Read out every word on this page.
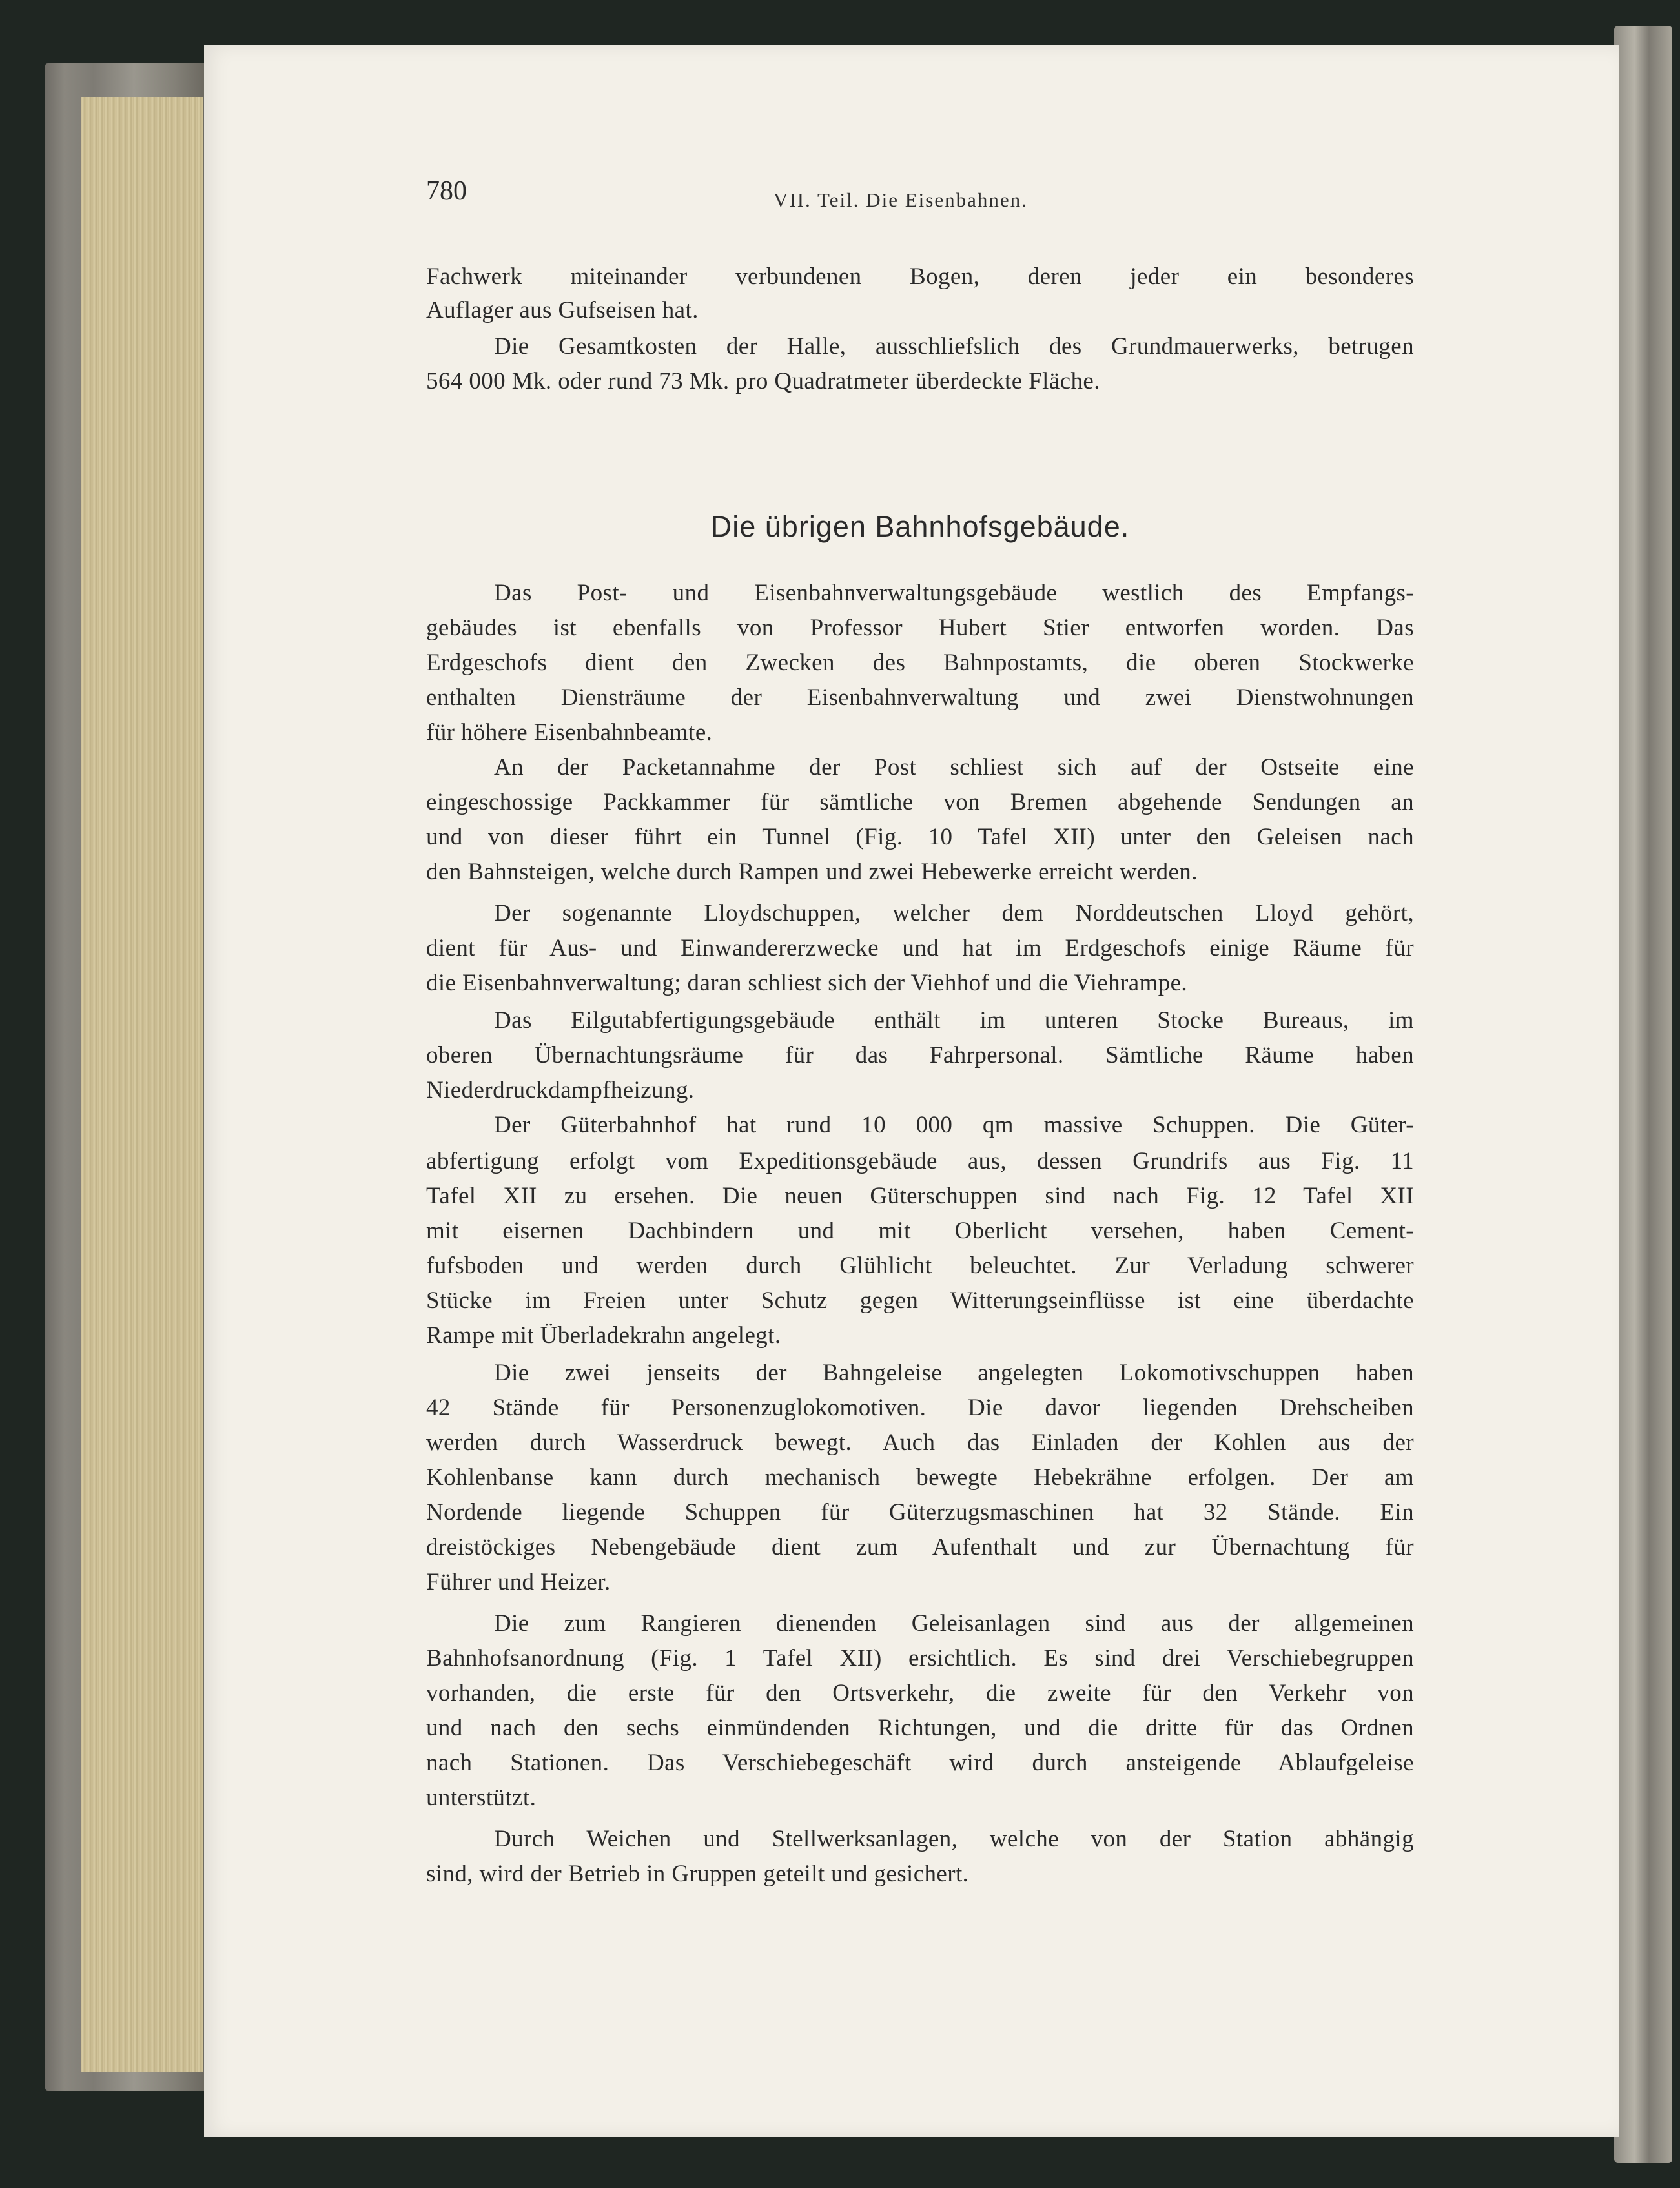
780	VII. Teil. Die Eisenbahnen.
Fachwerk miteinander verbundenen Bogen, deren jeder ein besonderes
Auflager aus Gufseisen hat.
Die Gesamtkosten der Halle, ausschliefslich des Grundmauerwerks, betrugen
564 000 Mk. oder rund 73 Mk. pro Quadratmeter überdeckte Fläche.
Die übrigen Bahnhofsgebäude.
Das Post- und Eisenbahnverwaltungsgebäude westlich des Empfangs-
gebäudes ist ebenfalls von Professor Hubert Stier entworfen worden. Das
Erdgeschofs dient den Zwecken des Bahnpostamts, die oberen Stockwerke
enthalten Diensträume der Eisenbahnverwaltung und zwei Dienstwohnungen
für höhere Eisenbahnbeamte.
An der Packetannahme der Post schliest sich auf der Ostseite eine
eingeschossige Packkammer für sämtliche von Bremen abgehende Sendungen an
und von dieser führt ein Tunnel (Fig. 10 Tafel XII) unter den Geleisen nach
den Bahnsteigen, welche durch Rampen und zwei Hebewerke erreicht werden.
Der sogenannte Lloydschuppen, welcher dem Norddeutschen Lloyd gehört,
dient für Aus- und Einwandererzwecke und hat im Erdgeschofs einige Räume für
die Eisenbahnverwaltung; daran schliest sich der Viehhof und die Viehrampe.
Das Eilgutabfertigungsgebäude enthält im unteren Stocke Bureaus, im
oberen Übernachtungsräume für das Fahrpersonal. Sämtliche Räume haben
Niederdruckdampfheizung.
Der Güterbahnhof hat rund 10 000 qm massive Schuppen. Die Güter-
abfertigung erfolgt vom Expeditionsgebäude aus, dessen Grundrifs aus Fig. 11
Tafel XII zu ersehen. Die neuen Güterschuppen sind nach Fig. 12 Tafel XII
mit eisernen Dachbindern und mit Oberlicht versehen, haben Cement-
fufsboden und werden durch Glühlicht beleuchtet. Zur Verladung schwerer
Stücke im Freien unter Schutz gegen Witterungseinflüsse ist eine überdachte
Rampe mit Überladekrahn angelegt.
Die zwei jenseits der Bahngeleise angelegten Lokomotivschuppen haben
42 Stände für Personenzuglokomotiven. Die davor liegenden Drehscheiben
werden durch Wasserdruck bewegt. Auch das Einladen der Kohlen aus der
Kohlenbanse kann durch mechanisch bewegte Hebekrähne erfolgen. Der am
Nordende liegende Schuppen für Güterzugsmaschinen hat 32 Stände. Ein
dreistöckiges Nebengebäude dient zum Aufenthalt und zur Übernachtung für
Führer und Heizer.
Die zum Rangieren dienenden Geleisanlagen sind aus der allgemeinen
Bahnhofsanordnung (Fig. 1 Tafel XII) ersichtlich. Es sind drei Verschiebegruppen
vorhanden, die erste für den Ortsverkehr, die zweite für den Verkehr von
und nach den sechs einmündenden Richtungen, und die dritte für das Ordnen
nach Stationen. Das Verschiebegeschäft wird durch ansteigende Ablaufgeleise
unterstützt.
Durch Weichen und Stellwerksanlagen, welche von der Station abhängig
sind, wird der Betrieb in Gruppen geteilt und gesichert.
